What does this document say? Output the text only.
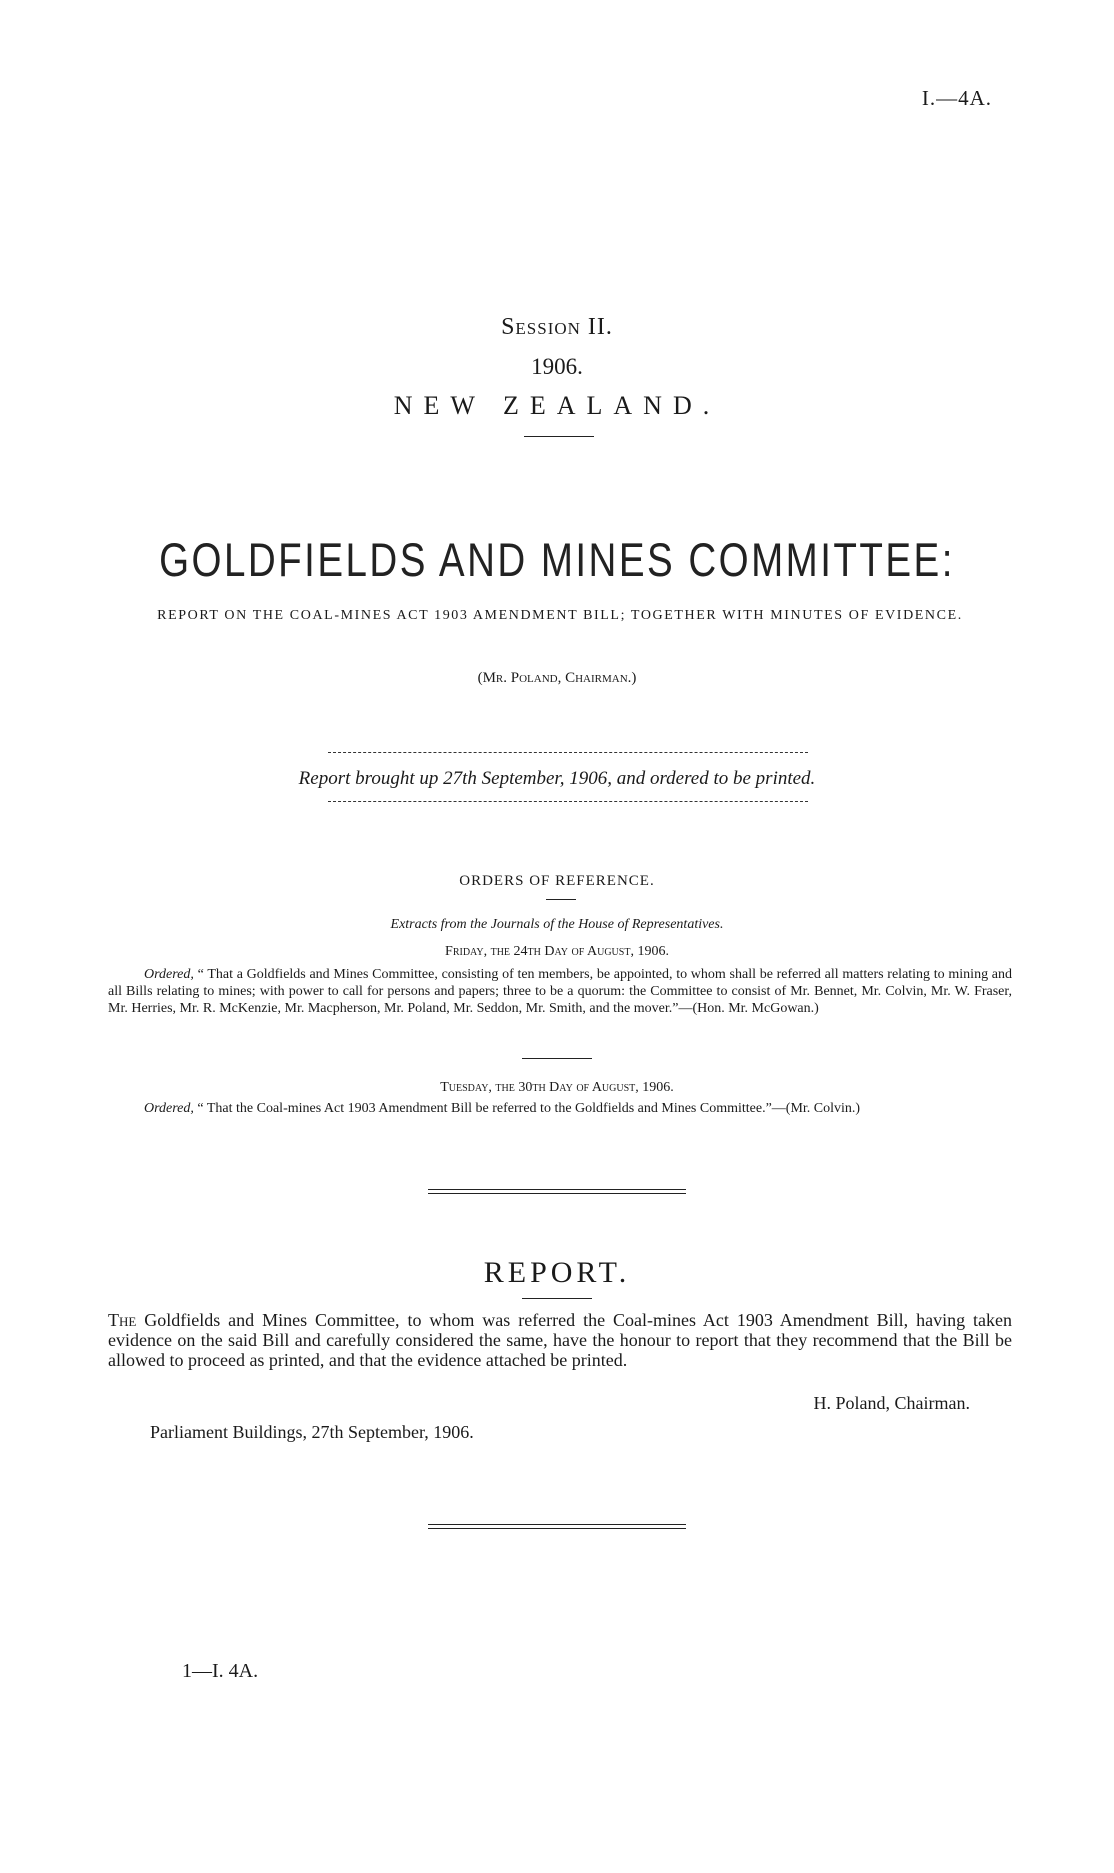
I.—4A.
Session II.
1906.
NEW ZEALAND.
GOLDFIELDS AND MINES COMMITTEE:
REPORT ON THE COAL-MINES ACT 1903 AMENDMENT BILL; TOGETHER WITH MINUTES OF EVIDENCE.
(Mr. Poland, Chairman.)
Report brought up 27th September, 1906, and ordered to be printed.
ORDERS OF REFERENCE.
Extracts from the Journals of the House of Representatives.
Friday, the 24th Day of August, 1906.
Ordered, “ That a Goldfields and Mines Committee, consisting of ten members, be appointed, to whom shall be referred all matters relating to mining and all Bills relating to mines; with power to call for persons and papers; three to be a quorum: the Committee to consist of Mr. Bennet, Mr. Colvin, Mr. W. Fraser, Mr. Herries, Mr. R. McKenzie, Mr. Macpherson, Mr. Poland, Mr. Seddon, Mr. Smith, and the mover.”—(Hon. Mr. McGowan.)
Tuesday, the 30th Day of August, 1906.
Ordered, “ That the Coal-mines Act 1903 Amendment Bill be referred to the Goldfields and Mines Committee.”—(Mr. Colvin.)
REPORT.
The Goldfields and Mines Committee, to whom was referred the Coal-mines Act 1903 Amendment Bill, having taken evidence on the said Bill and carefully considered the same, have the honour to report that they recommend that the Bill be allowed to proceed as printed, and that the evidence attached be printed.
H. Poland, Chairman.
Parliament Buildings, 27th September, 1906.
1—I. 4A.
